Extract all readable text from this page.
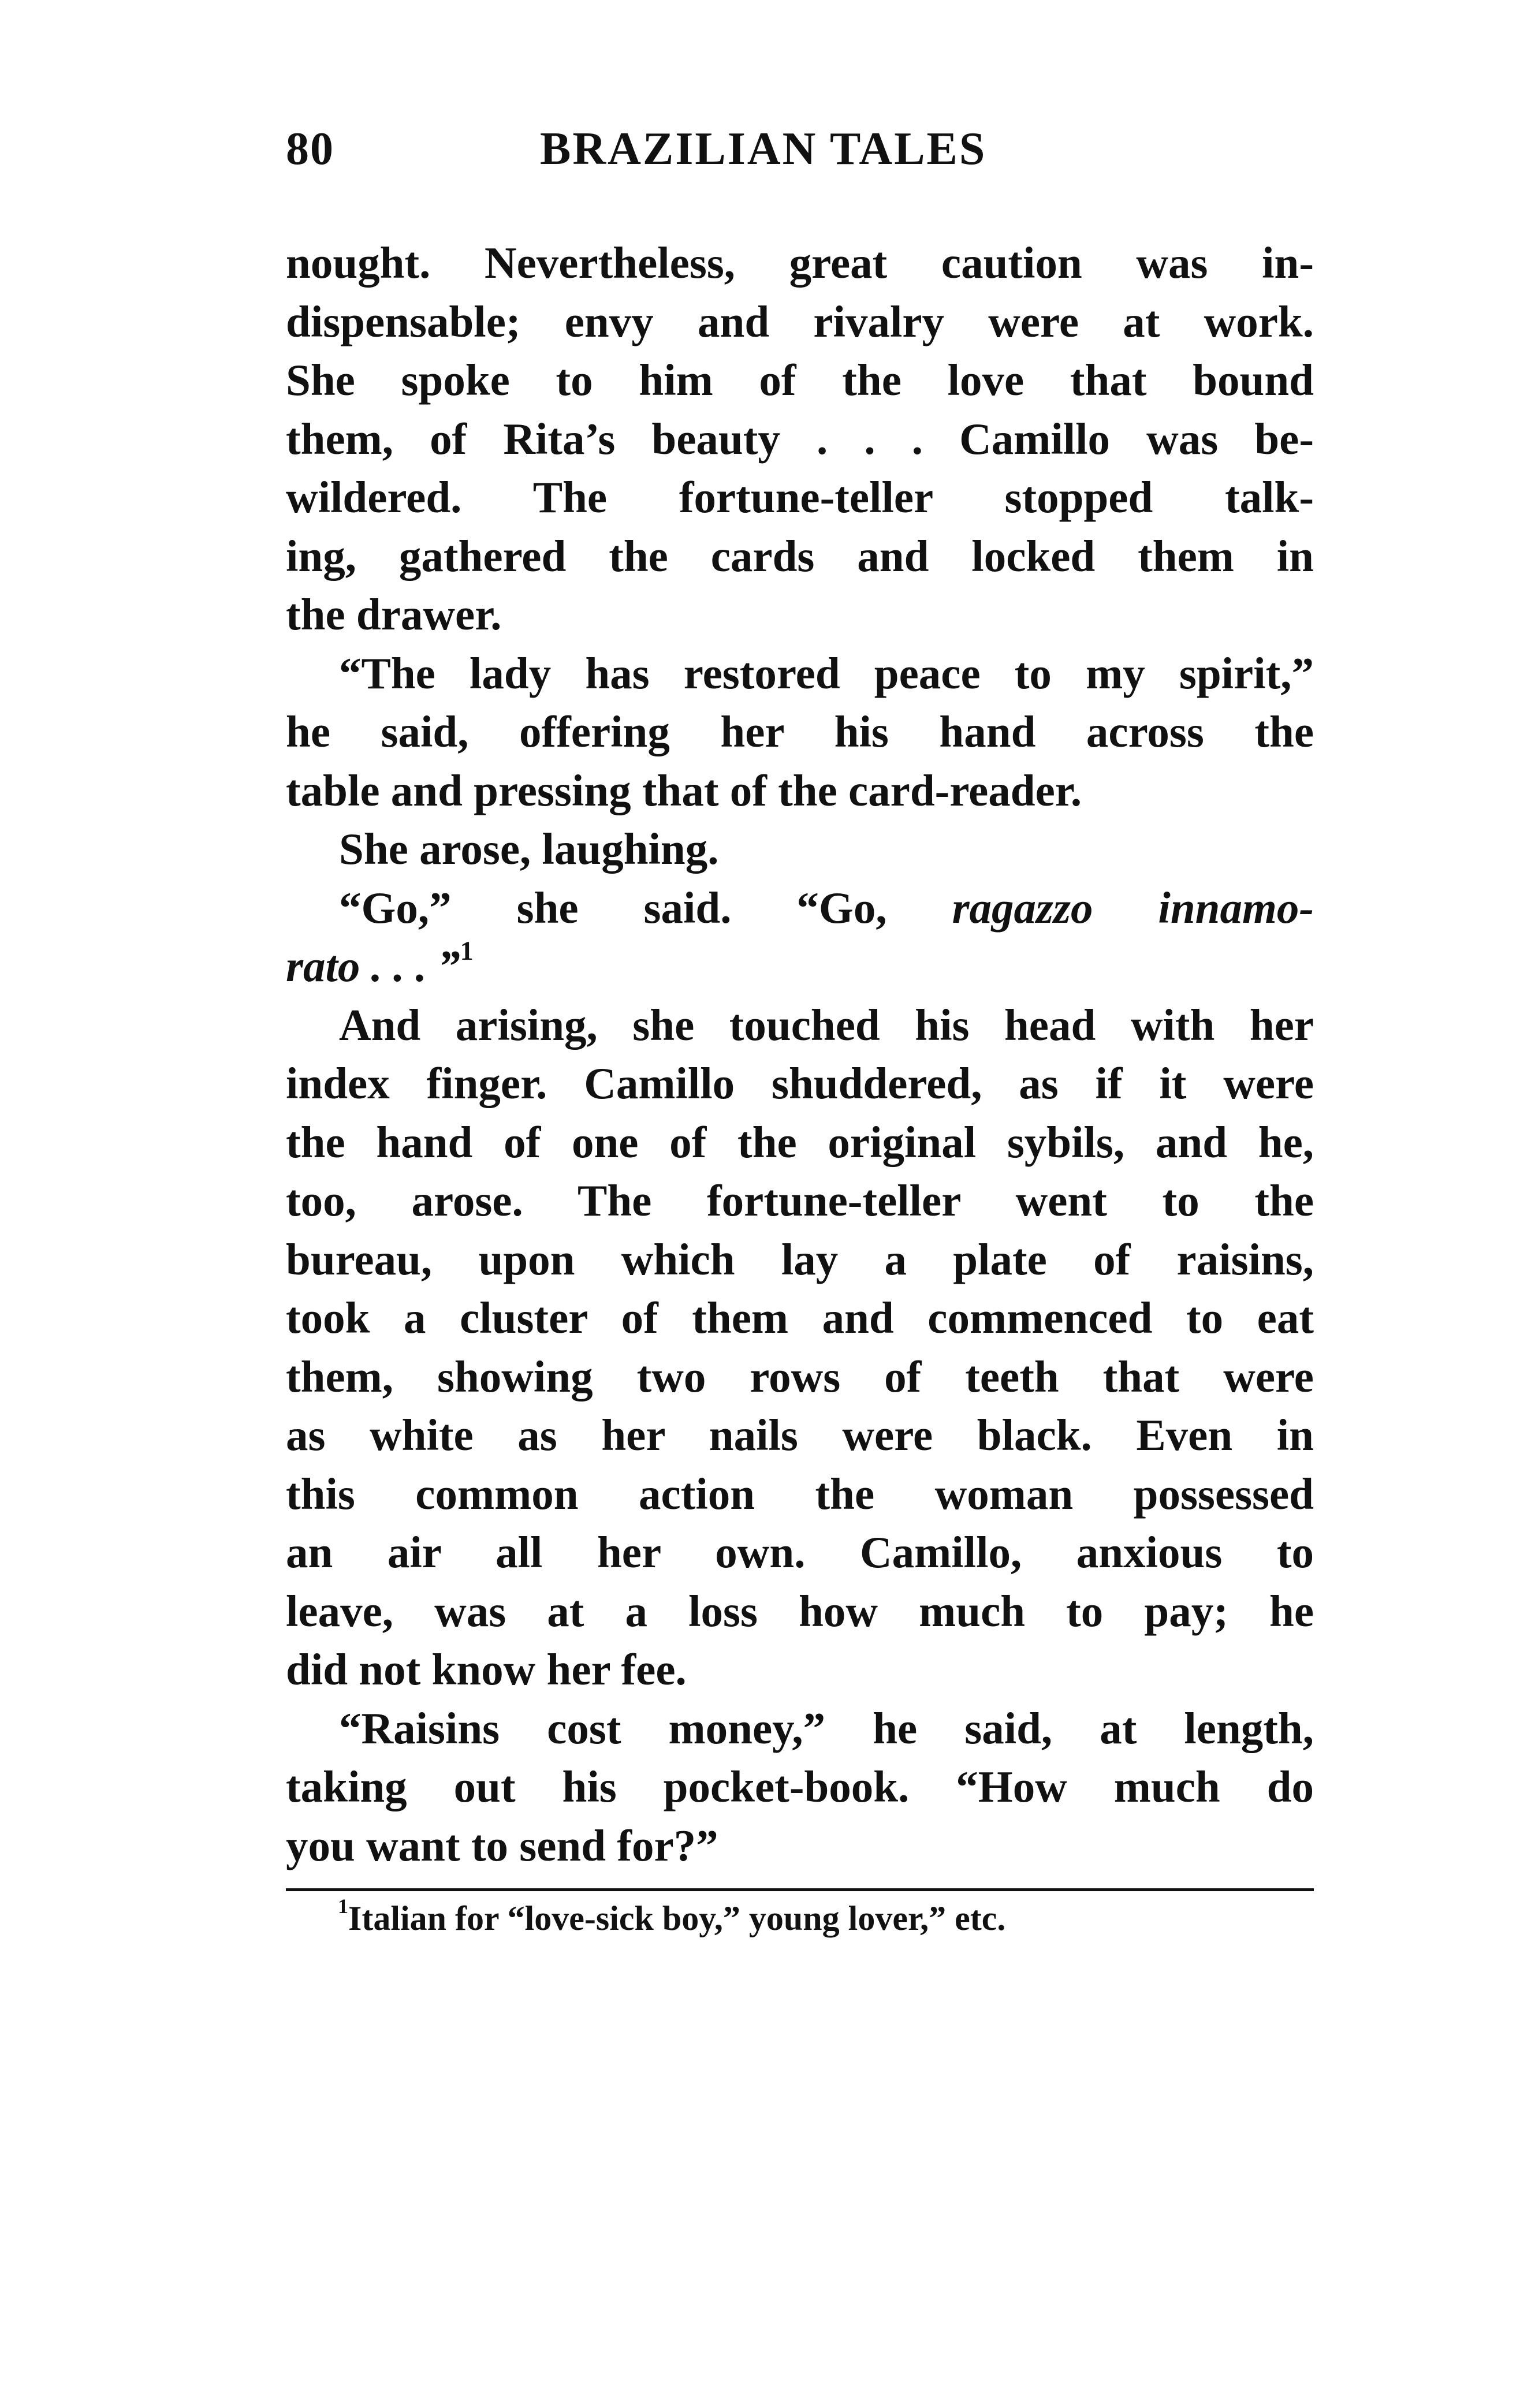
80	BRAZILIAN TALES
nought. Nevertheless, great caution was in-
dispensable; envy and rivalry were at work.
She spoke to him of the love that bound
them, of Rita’s beauty . . . Camillo was be-
wildered. The fortune-teller stopped talk-
ing, gathered the cards and locked them in
the drawer.
“The lady has restored peace to my spirit,”
he said, offering her his hand across the
table and pressing that of the card-reader.
She arose, laughing.
“Go,” she said. “Go, ragazzo innamo-
rato . . . ”$^1$
And arising, she touched his head with her
index finger. Camillo shuddered, as if it were
the hand of one of the original sybils, and he,
too, arose. The fortune-teller went to the
bureau, upon which lay a plate of raisins,
took a cluster of them and commenced to eat
them, showing two rows of teeth that were
as white as her nails were black. Even in
this common action the woman possessed
an air all her own. Camillo, anxious to
leave, was at a loss how much to pay; he
did not know her fee.
“Raisins cost money,” he said, at length,
taking out his pocket-book. “How much do
you want to send for?”
$^1$Italian for “love-sick boy,” young lover,” etc.
